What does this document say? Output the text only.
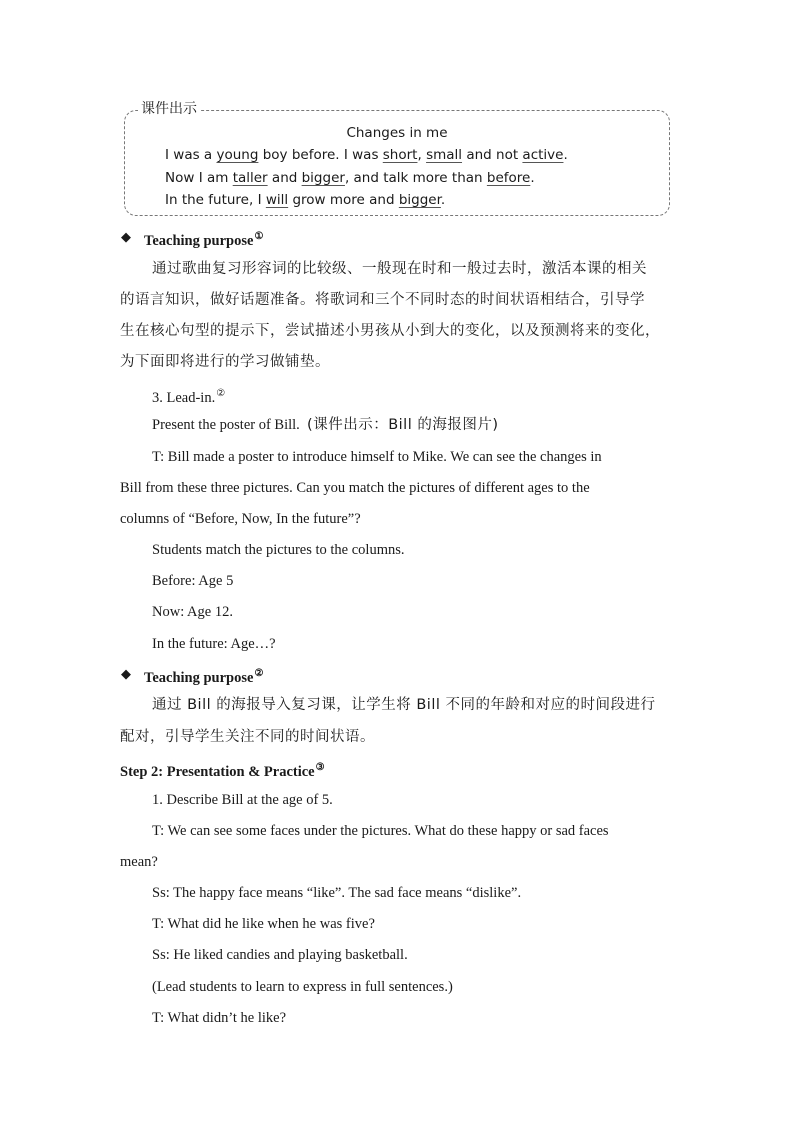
课件出示
Changes in me
I was a young boy before. I was short, small and not active.
Now I am taller and bigger, and talk more than before.
In the future, I will grow more and bigger.
◆ Teaching purpose①
通过歌曲复习形容词的比较级、一般现在时和一般过去时，激活本课的相关
的语言知识，做好话题准备。将歌词和三个不同时态的时间状语相结合，引导学
生在核心句型的提示下，尝试描述小男孩从小到大的变化，以及预测将来的变化，
为下面即将进行的学习做铺垫。
3. Lead-in.②
Present the poster of Bill. (课件出示：Bill 的海报图片)
T: Bill made a poster to introduce himself to Mike. We can see the changes in
Bill from these three pictures. Can you match the pictures of different ages to the
columns of “Before, Now, In the future”?
Students match the pictures to the columns.
Before: Age 5
Now: Age 12.
In the future: Age…?
◆ Teaching purpose②
通过 Bill 的海报导入复习课，让学生将 Bill 不同的年龄和对应的时间段进行
配对，引导学生关注不同的时间状语。
Step 2: Presentation & Practice③
1. Describe Bill at the age of 5.
T: We can see some faces under the pictures. What do these happy or sad faces
mean?
Ss: The happy face means “like”. The sad face means “dislike”.
T: What did he like when he was five?
Ss: He liked candies and playing basketball.
(Lead students to learn to express in full sentences.)
T: What didn’t he like?
